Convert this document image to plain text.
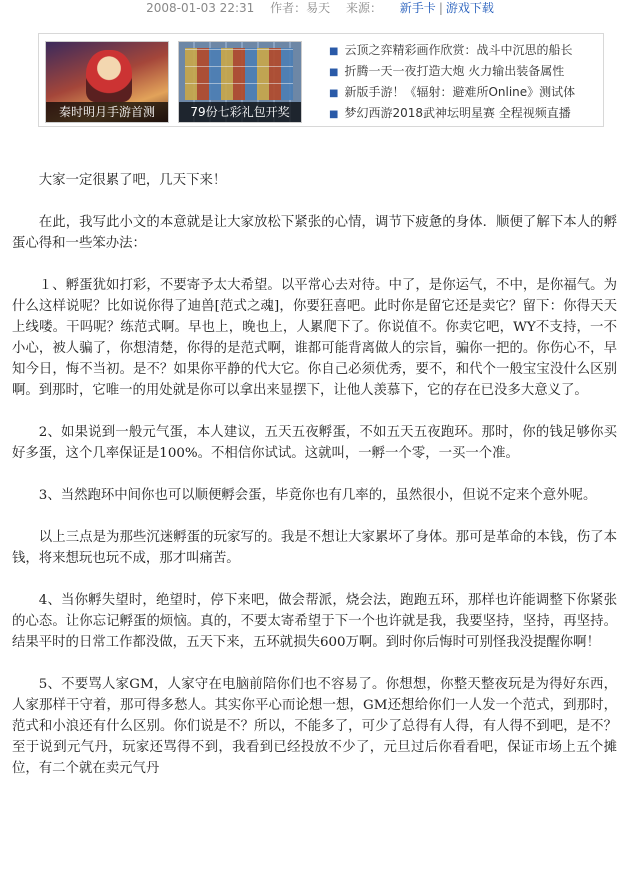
2008-01-03 22:31 作者：易天 来源： 新手卡 | 游戏下载
秦时明月手游首测	79份七彩礼包开奖
■ 云顶之弈精彩画作欣赏：战斗中沉思的船长
■ 折腾一天一夜打造大炮 火力输出装备属性
■ 新版手游！《辐射：避难所Online》测试体
■ 梦幻西游2018武神坛明星赛 全程视频直播

大家一定很累了吧，几天下来！

在此，我写此小文的本意就是让大家放松下紧张的心情，调节下疲惫的身体．顺便了解下本人的孵蛋心得和一些笨办法：

１、孵蛋犹如打彩，不要寄予太大希望。以平常心去对待。中了，是你运气，不中，是你福气。为什么这样说呢？比如说你得了迪兽[范式之魂]，你要狂喜吧。此时你是留它还是卖它？留下：你得天天上线喽。干吗呢？练范式啊。早也上，晚也上，人累爬下了。你说值不。你卖它吧，WY不支持，一不小心，被人骗了，你想清楚，你得的是范式啊，谁都可能背离做人的宗旨，骗你一把的。你伤心不，早知今日，悔不当初。是不？如果你平静的代大它。你自己必须优秀，要不，和代个一般宝宝没什么区别啊。到那时，它唯一的用处就是你可以拿出来显摆下，让他人羡慕下，它的存在已没多大意义了。

2、如果说到一般元气蛋，本人建议，五天五夜孵蛋，不如五天五夜跑环。那时，你的钱足够你买好多蛋，这个几率保证是100%。不相信你试试。这就叫，一孵一个零，一买一个准。

3、当然跑环中间你也可以顺便孵会蛋，毕竟你也有几率的，虽然很小，但说不定来个意外呢。

以上三点是为那些沉迷孵蛋的玩家写的。我是不想让大家累坏了身体。那可是革命的本钱，伤了本钱，将来想玩也玩不成，那才叫痛苦。

4、当你孵失望时，绝望时，停下来吧，做会帮派，烧会法，跑跑五环，那样也许能调整下你紧张的心态。让你忘记孵蛋的烦恼。真的，不要太寄希望于下一个也许就是我，我要坚持，坚持，再坚持。结果平时的日常工作都没做，五天下来，五环就损失600万啊。到时你后悔时可别怪我没提醒你啊！

5、不要骂人家GM，人家守在电脑前陪你们也不容易了。你想想，你整天整夜玩是为得好东西，人家那样干守着，那可得多愁人。其实你平心而论想一想，GM还想给你们一人发一个范式，到那时，范式和小浪还有什么区别。你们说是不？所以，不能多了，可少了总得有人得，有人得不到吧，是不？至于说到元气丹，玩家还骂得不到，我看到已经投放不少了，元旦过后你看看吧，保证市场上五个摊位，有二个就在卖元气丹
